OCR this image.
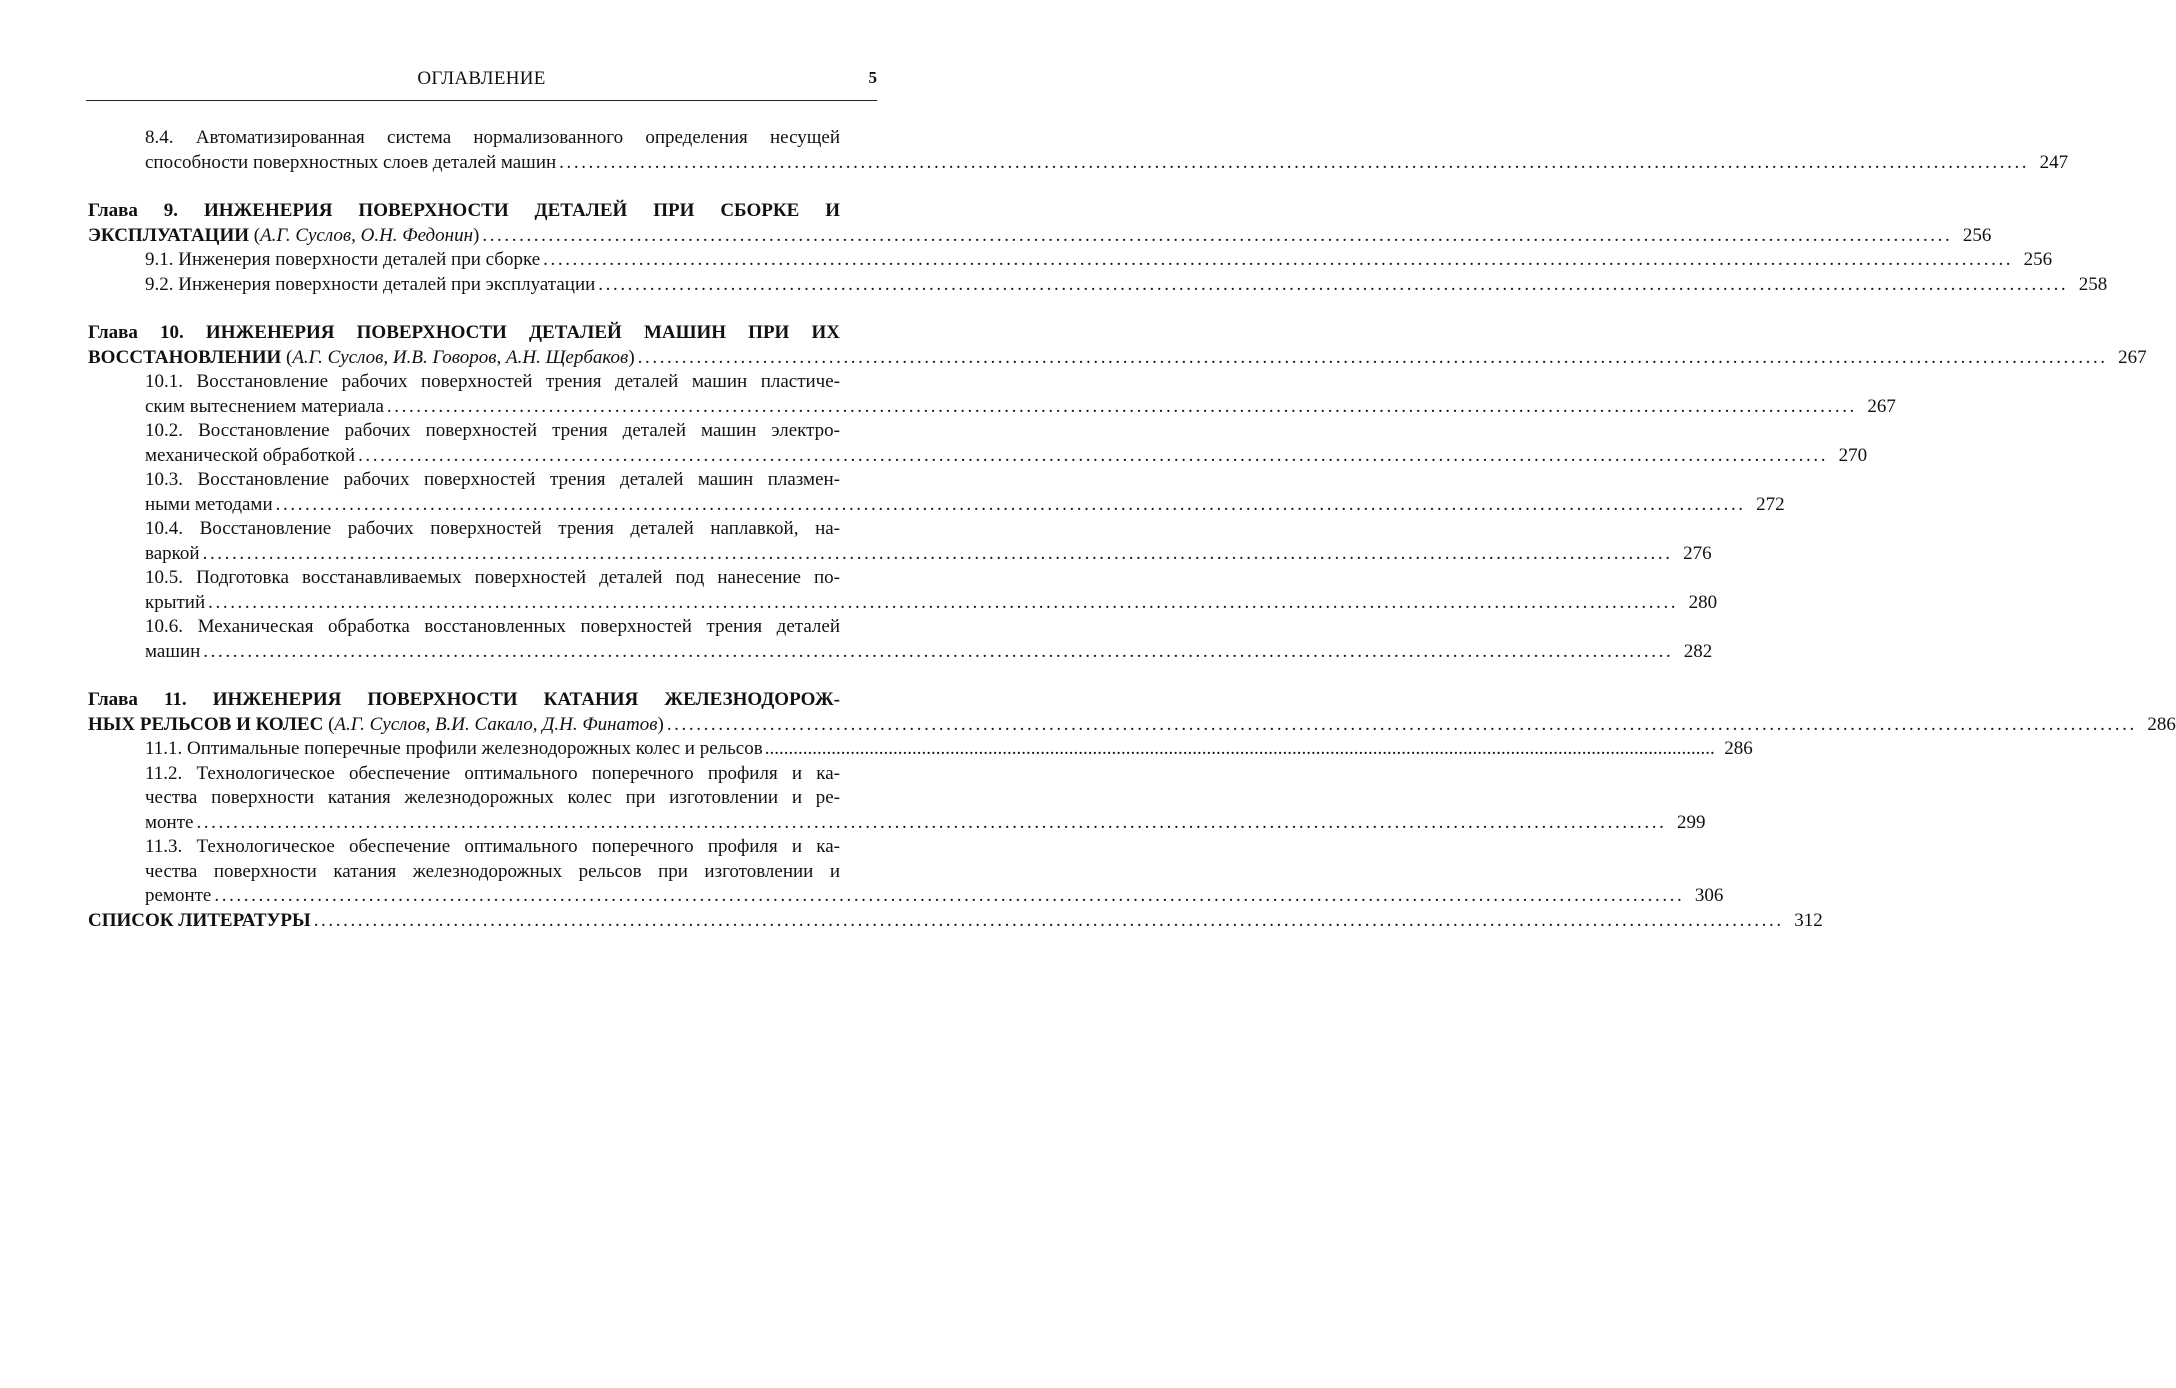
ОГЛАВЛЕНИЕ	5
8.4. Автоматизированная система нормализованного определения несущей
способности поверхностных слоев деталей машин ........................................................................................................................................................................................................ 247
Глава 9. ИНЖЕНЕРИЯ ПОВЕРХНОСТИ ДЕТАЛЕЙ ПРИ СБОРКЕ И
ЭКСПЛУАТАЦИИ (А.Г. Суслов, О.Н. Федонин) ........................................................................................................................................................................................................ 256
9.1. Инженерия поверхности деталей при сборке ........................................................................................................................................................................................................ 256
9.2. Инженерия поверхности деталей при эксплуатации ........................................................................................................................................................................................................ 258
Глава 10. ИНЖЕНЕРИЯ ПОВЕРХНОСТИ ДЕТАЛЕЙ МАШИН ПРИ ИХ
ВОССТАНОВЛЕНИИ (А.Г. Суслов, И.В. Говоров, А.Н. Щербаков) ........................................................................................................................................................................................................ 267
10.1. Восстановление рабочих поверхностей трения деталей машин пластиче-
ским вытеснением материала ........................................................................................................................................................................................................ 267
10.2. Восстановление рабочих поверхностей трения деталей машин электро-
механической обработкой ........................................................................................................................................................................................................ 270
10.3. Восстановление рабочих поверхностей трения деталей машин плазмен-
ными методами ........................................................................................................................................................................................................ 272
10.4. Восстановление рабочих поверхностей трения деталей наплавкой, на-
варкой ........................................................................................................................................................................................................ 276
10.5. Подготовка восстанавливаемых поверхностей деталей под нанесение по-
крытий ........................................................................................................................................................................................................ 280
10.6. Механическая обработка восстановленных поверхностей трения деталей
машин ........................................................................................................................................................................................................ 282
Глава 11. ИНЖЕНЕРИЯ ПОВЕРХНОСТИ КАТАНИЯ ЖЕЛЕЗНОДОРОЖ-
НЫХ РЕЛЬСОВ И КОЛЕС (А.Г. Суслов, В.И. Сакало, Д.Н. Финатов) ........................................................................................................................................................................................................ 286
11.1. Оптимальные поперечные профили железнодорожных колес и рельсов ........................................................................................................................................................................................................ 286
11.2. Технологическое обеспечение оптимального поперечного профиля и ка-
чества поверхности катания железнодорожных колес при изготовлении и ре-
монте ........................................................................................................................................................................................................ 299
11.3. Технологическое обеспечение оптимального поперечного профиля и ка-
чества поверхности катания железнодорожных рельсов при изготовлении и
ремонте ........................................................................................................................................................................................................ 306
СПИСОК ЛИТЕРАТУРЫ ........................................................................................................................................................................................................ 312
